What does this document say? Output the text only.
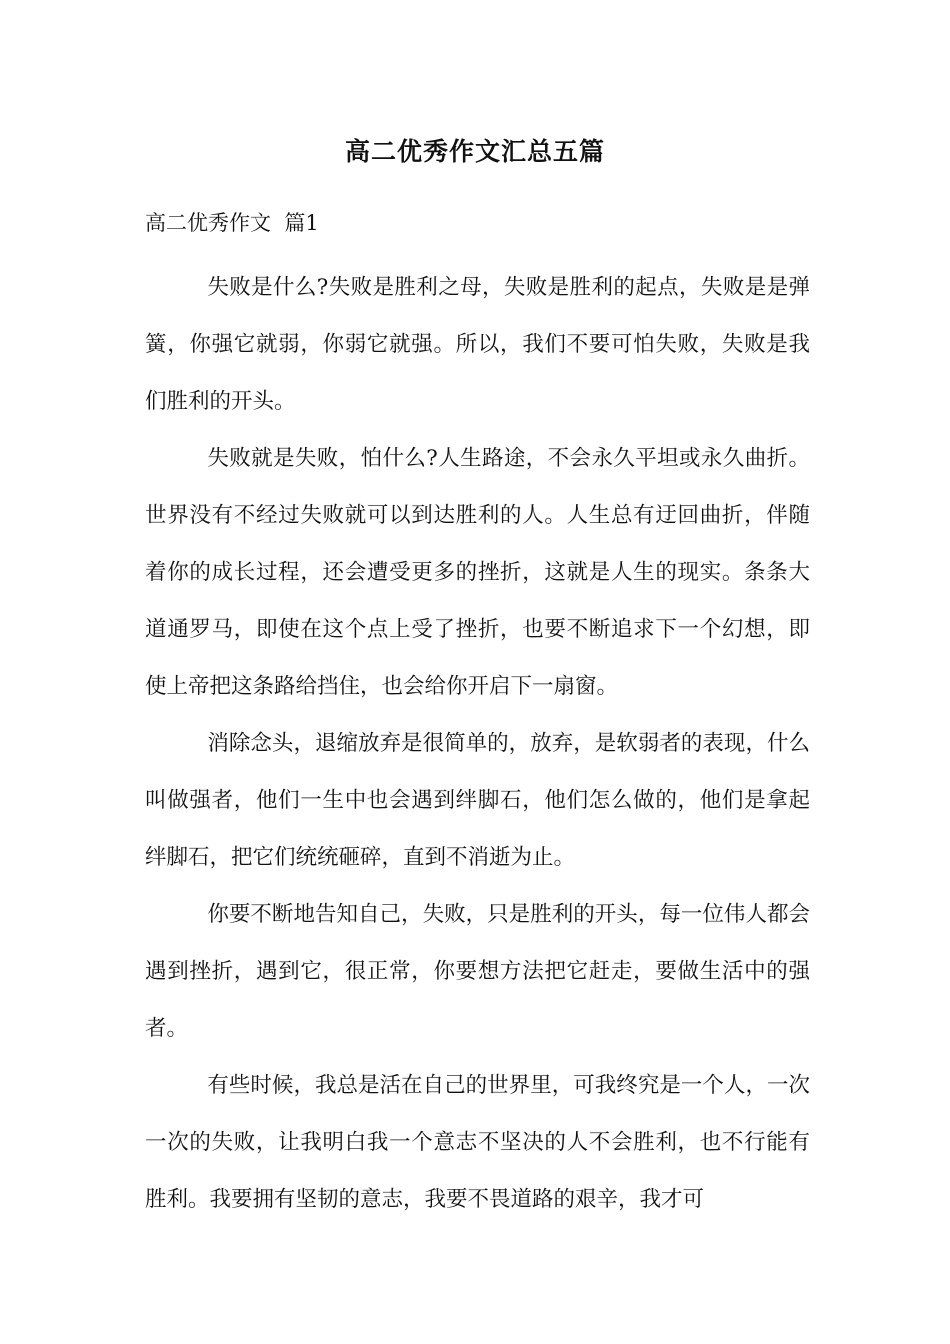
高二优秀作文汇总五篇
高二优秀作文  篇1

失败是什么?失败是胜利之母，失败是胜利的起点，失败是是弹簧，你强它就弱，你弱它就强。所以，我们不要可怕失败，失败是我们胜利的开头。

失败就是失败，怕什么?人生路途，不会永久平坦或永久曲折。世界没有不经过失败就可以到达胜利的人。人生总有迂回曲折，伴随着你的成长过程，还会遭受更多的挫折，这就是人生的现实。条条大道通罗马，即使在这个点上受了挫折，也要不断追求下一个幻想，即使上帝把这条路给挡住，也会给你开启下一扇窗。

消除念头，退缩放弃是很简单的，放弃，是软弱者的表现，什么叫做强者，他们一生中也会遇到绊脚石，他们怎么做的，他们是拿起绊脚石，把它们统统砸碎，直到不消逝为止。

你要不断地告知自己，失败，只是胜利的开头，每一位伟人都会遇到挫折，遇到它，很正常，你要想方法把它赶走，要做生活中的强者。

有些时候，我总是活在自己的世界里，可我终究是一个人，一次一次的失败，让我明白我一个意志不坚决的人不会胜利，也不行能有胜利。我要拥有坚韧的意志，我要不畏道路的艰辛，我才可
